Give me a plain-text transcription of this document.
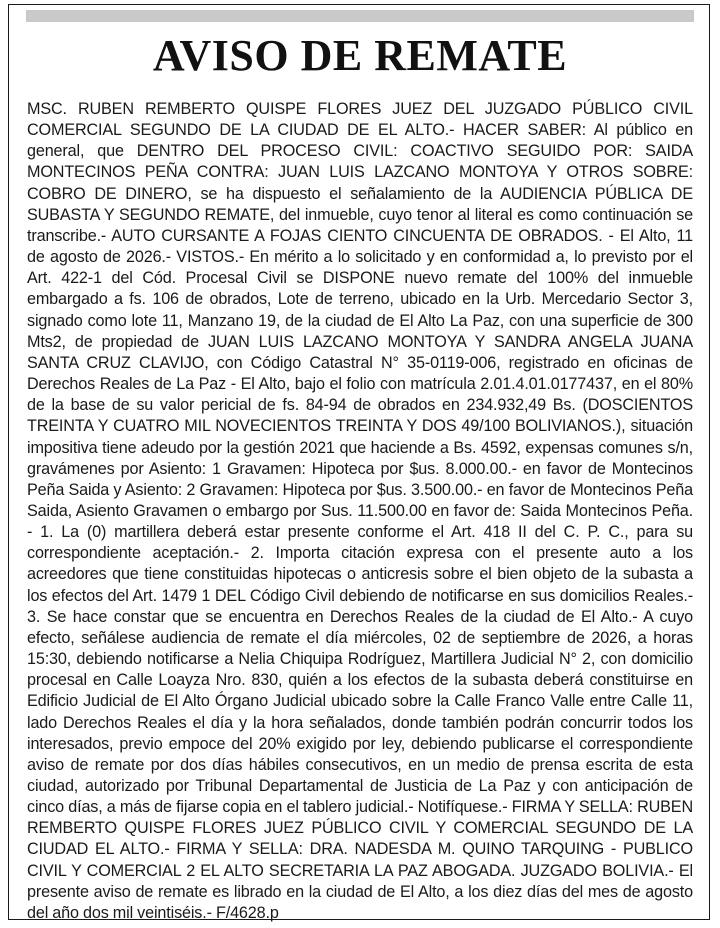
AVISO DE REMATE

MSC. RUBEN REMBERTO QUISPE FLORES JUEZ DEL JUZGADO PÚBLICO CIVIL COMERCIAL SEGUNDO DE LA CIUDAD DE EL ALTO.- HACER SABER: Al público en general, que DENTRO DEL PROCESO CIVIL: COACTIVO SEGUIDO POR: SAIDA MONTECINOS PEÑA CONTRA: JUAN LUIS LAZCANO MONTOYA Y OTROS SOBRE: COBRO DE DINERO, se ha dispuesto el señalamiento de la AUDIENCIA PÚBLICA DE SUBASTA Y SEGUNDO REMATE, del inmueble, cuyo tenor al literal es como continuación se transcribe.- AUTO CURSANTE A FOJAS CIENTO CINCUENTA DE OBRADOS. - El Alto, 11 de agosto de 2026.- VISTOS.- En mérito a lo solicitado y en conformidad a, lo previsto por el Art. 422-1 del Cód. Procesal Civil se DISPONE nuevo remate del 100% del inmueble embargado a fs. 106 de obrados, Lote de terreno, ubicado en la Urb. Mercedario Sector 3, signado como lote 11, Manzano 19, de la ciudad de El Alto La Paz, con una superficie de 300 Mts2, de propiedad de JUAN LUIS LAZCANO MONTOYA Y SANDRA ANGELA JUANA SANTA CRUZ CLAVIJO, con Código Catastral N° 35-0119-006, registrado en oficinas de Derechos Reales de La Paz - El Alto, bajo el folio con matrícula 2.01.4.01.0177437, en el 80% de la base de su valor pericial de fs. 84-94 de obrados en 234.932,49 Bs. (DOSCIENTOS TREINTA Y CUATRO MIL NOVECIENTOS TREINTA Y DOS 49/100 BOLIVIANOS.), situación impositiva tiene adeudo por la gestión 2021 que haciende a Bs. 4592, expensas comunes s/n, gravámenes por Asiento: 1 Gravamen: Hipoteca por $us. 8.000.00.- en favor de Montecinos Peña Saida y Asiento: 2 Gravamen: Hipoteca por $us. 3.500.00.- en favor de Montecinos Peña Saida, Asiento Gravamen o embargo por Sus. 11.500.00 en favor de: Saida Montecinos Peña. - 1. La (0) martillera deberá estar presente conforme el Art. 418 II del C. P. C., para su correspondiente aceptación.- 2. Importa citación expresa con el presente auto a los acreedores que tiene constituidas hipotecas o anticresis sobre el bien objeto de la subasta a los efectos del Art. 1479 1 DEL Código Civil debiendo de notificarse en sus domicilios Reales.- 3. Se hace constar que se encuentra en Derechos Reales de la ciudad de El Alto.- A cuyo efecto, señálese audiencia de remate el día miércoles, 02 de septiembre de 2026, a horas 15:30, debiendo notificarse a Nelia Chiquipa Rodríguez, Martillera Judicial N° 2, con domicilio procesal en Calle Loayza Nro. 830, quién a los efectos de la subasta deberá constituirse en Edificio Judicial de El Alto Órgano Judicial ubicado sobre la Calle Franco Valle entre Calle 11, lado Derechos Reales el día y la hora señalados, donde también podrán concurrir todos los interesados, previo empoce del 20% exigido por ley, debiendo publicarse el correspondiente aviso de remate por dos días hábiles consecutivos, en un medio de prensa escrita de esta ciudad, autorizado por Tribunal Departamental de Justicia de La Paz y con anticipación de cinco días, a más de fijarse copia en el tablero judicial.- Notifíquese.- FIRMA Y SELLA: RUBEN REMBERTO QUISPE FLORES JUEZ PÚBLICO CIVIL Y COMERCIAL SEGUNDO DE LA CIUDAD EL ALTO.- FIRMA Y SELLA: DRA. NADESDA M. QUINO TARQUING - PUBLICO CIVIL Y COMERCIAL 2 EL ALTO SECRETARIA LA PAZ ABOGADA. JUZGADO BOLIVIA.- El presente aviso de remate es librado en la ciudad de El Alto, a los diez días del mes de agosto del año dos mil veintiséis.- F/4628.p
